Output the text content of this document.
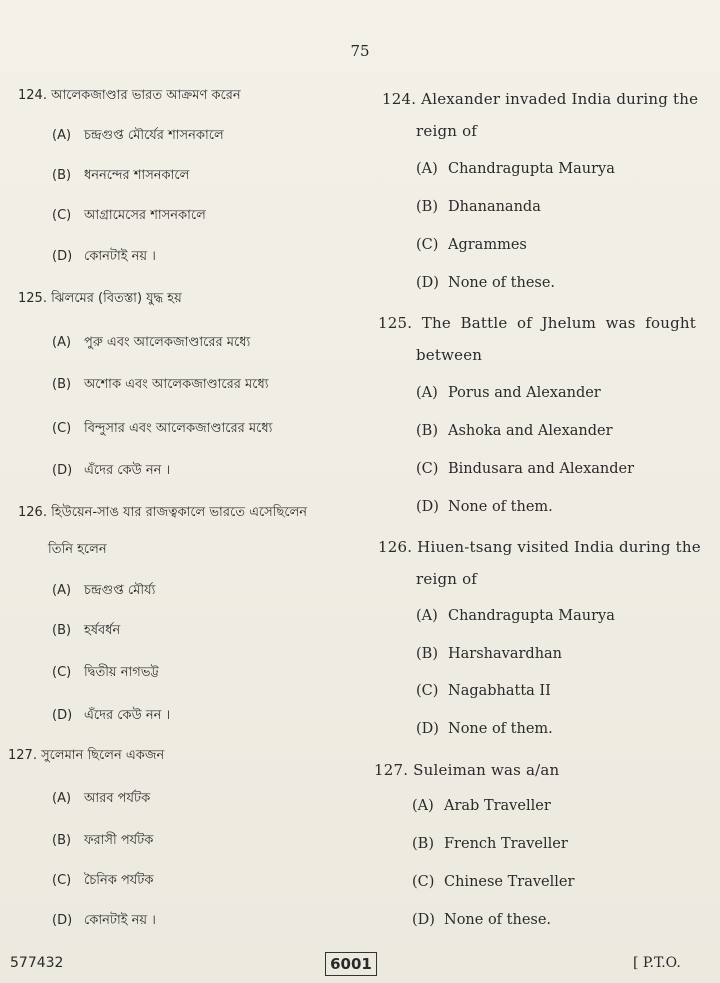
75
124. আলেকজাণ্ডার ভারত আক্রমণ করেন
(A) চন্দ্রগুপ্ত মৌর্যের শাসনকালে
(B) ধননন্দের শাসনকালে
(C) আগ্রামেসের শাসনকালে
(D) কোনটাই নয় ।
125. ঝিলমের (বিতস্তা) যুদ্ধ হয়
(A) পুরু এবং আলেকজাণ্ডারের মধ্যে
(B) অশোক এবং আলেকজাণ্ডারের মধ্যে
(C) বিন্দুসার এবং আলেকজাণ্ডারের মধ্যে
(D) এঁদের কেউ নন ।
126. হিউয়েন-সাঙ যার রাজত্বকালে ভারতে এসেছিলেন
তিনি হলেন
(A) চন্দ্রগুপ্ত মৌর্য্য
(B) হর্ষবর্ধন
(C) দ্বিতীয় নাগভট্ট
(D) এঁদের কেউ নন ।
127. সুলেমান ছিলেন একজন
(A) আরব পর্যটক
(B) ফরাসী পর্যটক
(C) চৈনিক পর্যটক
(D) কোনটাই নয় ।
124. Alexander invaded India during the
reign of
(A) Chandragupta Maurya
(B) Dhanananda
(C) Agrammes
(D) None of these.
125. The Battle of Jhelum was fought
between
(A) Porus and Alexander
(B) Ashoka and Alexander
(C) Bindusara and Alexander
(D) None of them.
126. Hiuen-tsang visited India during the
reign of
(A) Chandragupta Maurya
(B) Harshavardhan
(C) Nagabhatta II
(D) None of them.
127. Suleiman was a/an
(A) Arab Traveller
(B) French Traveller
(C) Chinese Traveller
(D) None of these.
577432	6001	[ P.T.O.
